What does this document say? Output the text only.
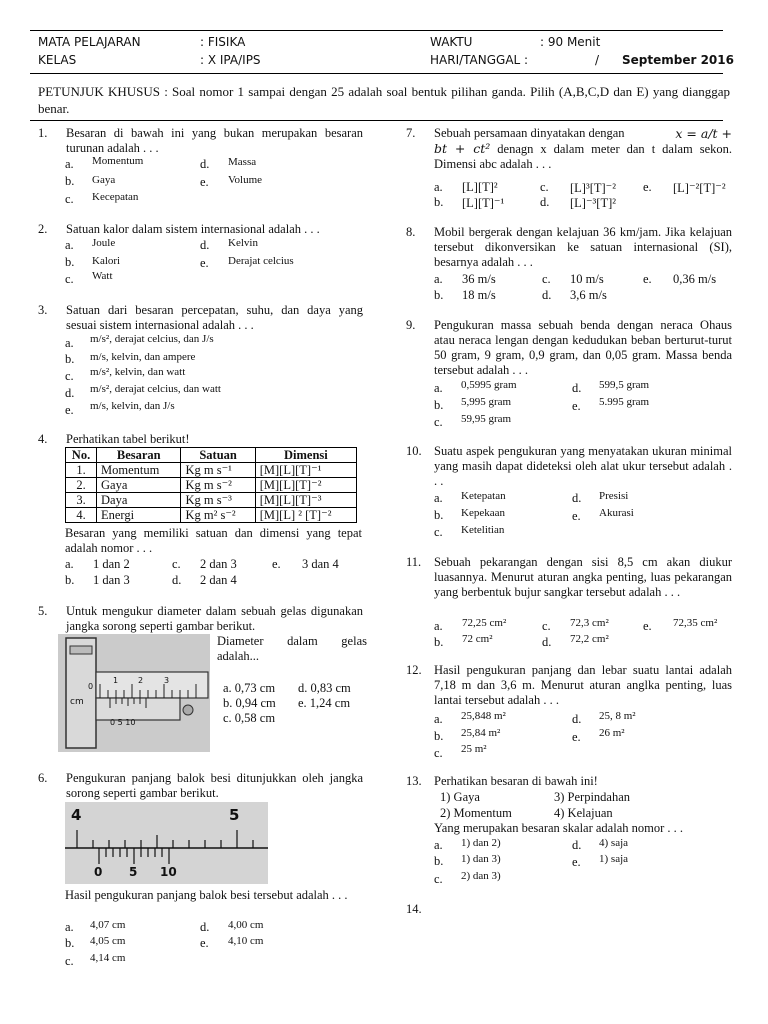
MATA PELAJARAN	: FISIKA
KELAS	: X IPA/IPS
WAKTU	: 90 Menit
HARI/TANGGAL :	/ September 2016
PETUNJUK KHUSUS : Soal nomor 1 sampai dengan 25 adalah soal bentuk pilihan ganda. Pilih (A,B,C,D dan E) yang dianggap benar.
1. Besaran di bawah ini yang bukan merupakan besaran turunan adalah . . .
a. Momentum
b. Gaya
c. Kecepatan
d. Massa
e. Volume
2. Satuan kalor dalam sistem internasional adalah . . .
a. Joule
b. Kalori
c. Watt
d. Kelvin
e. Derajat celcius
3. Satuan dari besaran percepatan, suhu, dan daya yang sesuai sistem internasional adalah . . .
a. m/s², derajat celcius, dan J/s
b. m/s, kelvin, dan ampere
c. m/s², kelvin, dan watt
d. m/s², derajat celcius, dan watt
e. m/s, kelvin, dan J/s
4. Perhatikan tabel berikut!
No.	Besaran	Satuan	Dimensi
1.	Momentum	Kg m s⁻¹	[M][L][T]⁻¹
2.	Gaya	Kg m s⁻²	[M][L][T]⁻²
3.	Daya	Kg m s⁻³	[M][L][T]⁻³
4.	Energi	Kg m² s⁻²	[M][L] ² [T]⁻²
Besaran yang memiliki satuan dan dimensi yang tepat adalah nomor . . .
a. 1 dan 2
b. 1 dan 3
c. 2 dan 3
d. 2 dan 4
e. 3 dan 4
5. Untuk mengukur diameter dalam sebuah gelas digunakan jangka sorong seperti gambar berikut.
cm
0
1 2	3
0 5 10
Diameter dalam gelas adalah...
a. 0,73 cm d. 0,83 cm
b. 0,94 cm e. 1,24 cm
c. 0,58 cm
6. Pengukuran panjang balok besi ditunjukkan oleh jangka sorong seperti gambar berikut.
4	5
0 5 10
Hasil pengukuran panjang balok besi tersebut adalah . . .
a. 4,07 cm
b. 4,05 cm
c. 4,14 cm
d. 4,00 cm
e. 4,10 cm
7. Sebuah persamaan dinyatakan dengan	x = a/t +
bt + ct² denagn x dalam meter dan t dalam sekon. Dimensi abc adalah . . .
a. [L][T]²
b. [L][T]⁻¹
c. [L]³[T]⁻²
d. [L]⁻³[T]²
e. [L]⁻²[T]⁻²
8. Mobil bergerak dengan kelajuan 36 km/jam. Jika kelajuan tersebut dikonversikan ke satuan internasional (SI), besarnya adalah . . .
a. 36 m/s
b. 18 m/s
c. 10 m/s
d. 3,6 m/s
e. 0,36 m/s
9. Pengukuran massa sebuah benda dengan neraca Ohaus atau neraca lengan dengan kedudukan beban berturut-turut 50 gram, 9 gram, 0,9 gram, dan 0,05 gram. Massa benda tersebut adalah . . .
a. 0,5995 gram
b. 5,995 gram
c. 59,95 gram
d. 599,5 gram
e. 5.995 gram
10. Suatu aspek pengukuran yang menyatakan ukuran minimal yang masih dapat dideteksi oleh alat ukur tersebut adalah . . .
a. Ketepatan
b. Kepekaan
c. Ketelitian
d. Presisi
e. Akurasi
11. Sebuah pekarangan dengan sisi 8,5 cm akan diukur luasannya. Menurut aturan angka penting, luas pekarangan yang berbentuk bujur sangkar tersebut adalah . . .
a. 72,25 cm²
b. 72 cm²
c. 72,3 cm²
d. 72,2 cm²
e. 72,35 cm²
12. Hasil pengukuran panjang dan lebar suatu lantai adalah 7,18 m dan 3,6 m. Menurut aturan anglka penting, luas lantai tersebut adalah . . .
a. 25,848 m²
b. 25,84 m²
c. 25 m²
d. 25, 8 m²
e. 26 m²
13. Perhatikan besaran di bawah ini!
1) Gaya
2) Momentum
3) Perpindahan
4) Kelajuan
Yang merupakan besaran skalar adalah nomor . . .
a. 1) dan 2)
b. 1) dan 3)
c. 2) dan 3)
d. 4) saja
e. 1) saja
14.
